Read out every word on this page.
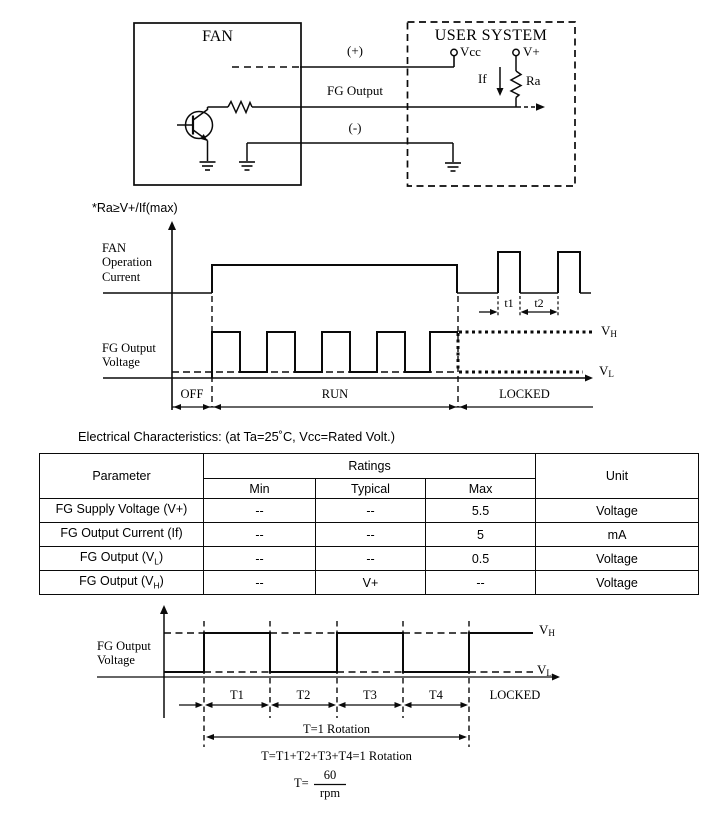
FAN	USER SYSTEM
(+)
FG Output
(-)
Vcc	V+
If	Ra
*Ra≥V+/If(max)
FAN
Operation
Current
FG Output
Voltage
t1	t2
VH
VL
OFF	RUN	LOCKED
Electrical Characteristics: (at Ta=25˚C, Vcc=Rated Volt.)
Parameter	Ratings			Unit
	Min	Typical	Max	
FG Supply Voltage (V+)	--	--	5.5	Voltage
FG Output Current (If)	--	--	5	mA
FG Output $(V_L)$	--	--	0.5	Voltage
FG Output $(V_H)$	--	V+	--	Voltage
FG Output
Voltage
VH
VL
T1	T2	T3	T4	LOCKED
T=1 Rotation
T=T1+T2+T3+T4=1 Rotation
T=
60
rpm
